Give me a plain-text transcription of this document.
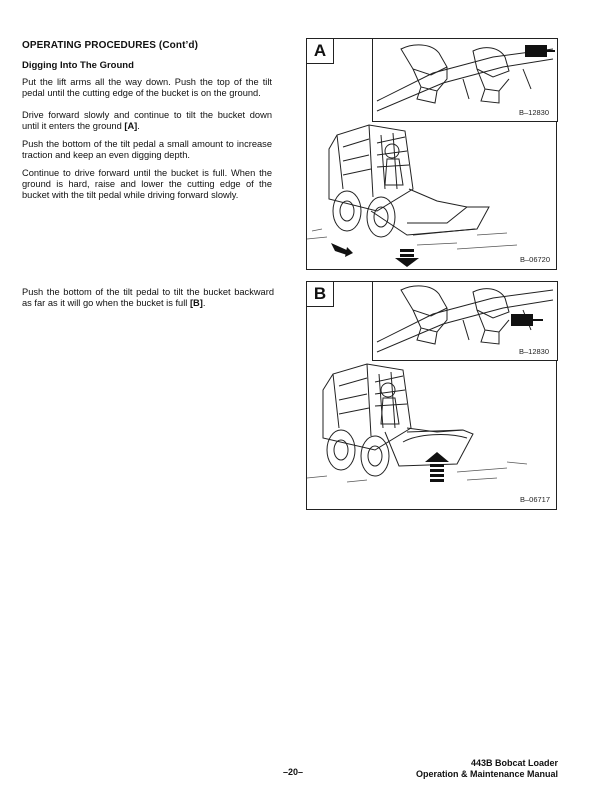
OPERATING PROCEDURES (Cont’d)
Digging Into The Ground
Put the lift arms all the way down. Push the top of the tilt pedal until the cutting edge of the bucket is on the ground.
Drive forward slowly and continue to tilt the bucket down until it enters the ground [A].
Push the bottom of the tilt pedal a small amount to increase traction and keep an even digging depth.
Continue to drive forward until the bucket is full. When the ground is hard, raise and lower the cutting edge of the bucket with the tilt pedal while driving forward slowly.
Push the bottom of the tilt pedal to tilt the bucket backward as far as it will go when the bucket is full [B].
A
B–12830
B–06720
B
B–12830
B–06717
–20–
443B Bobcat Loader
Operation & Maintenance Manual
